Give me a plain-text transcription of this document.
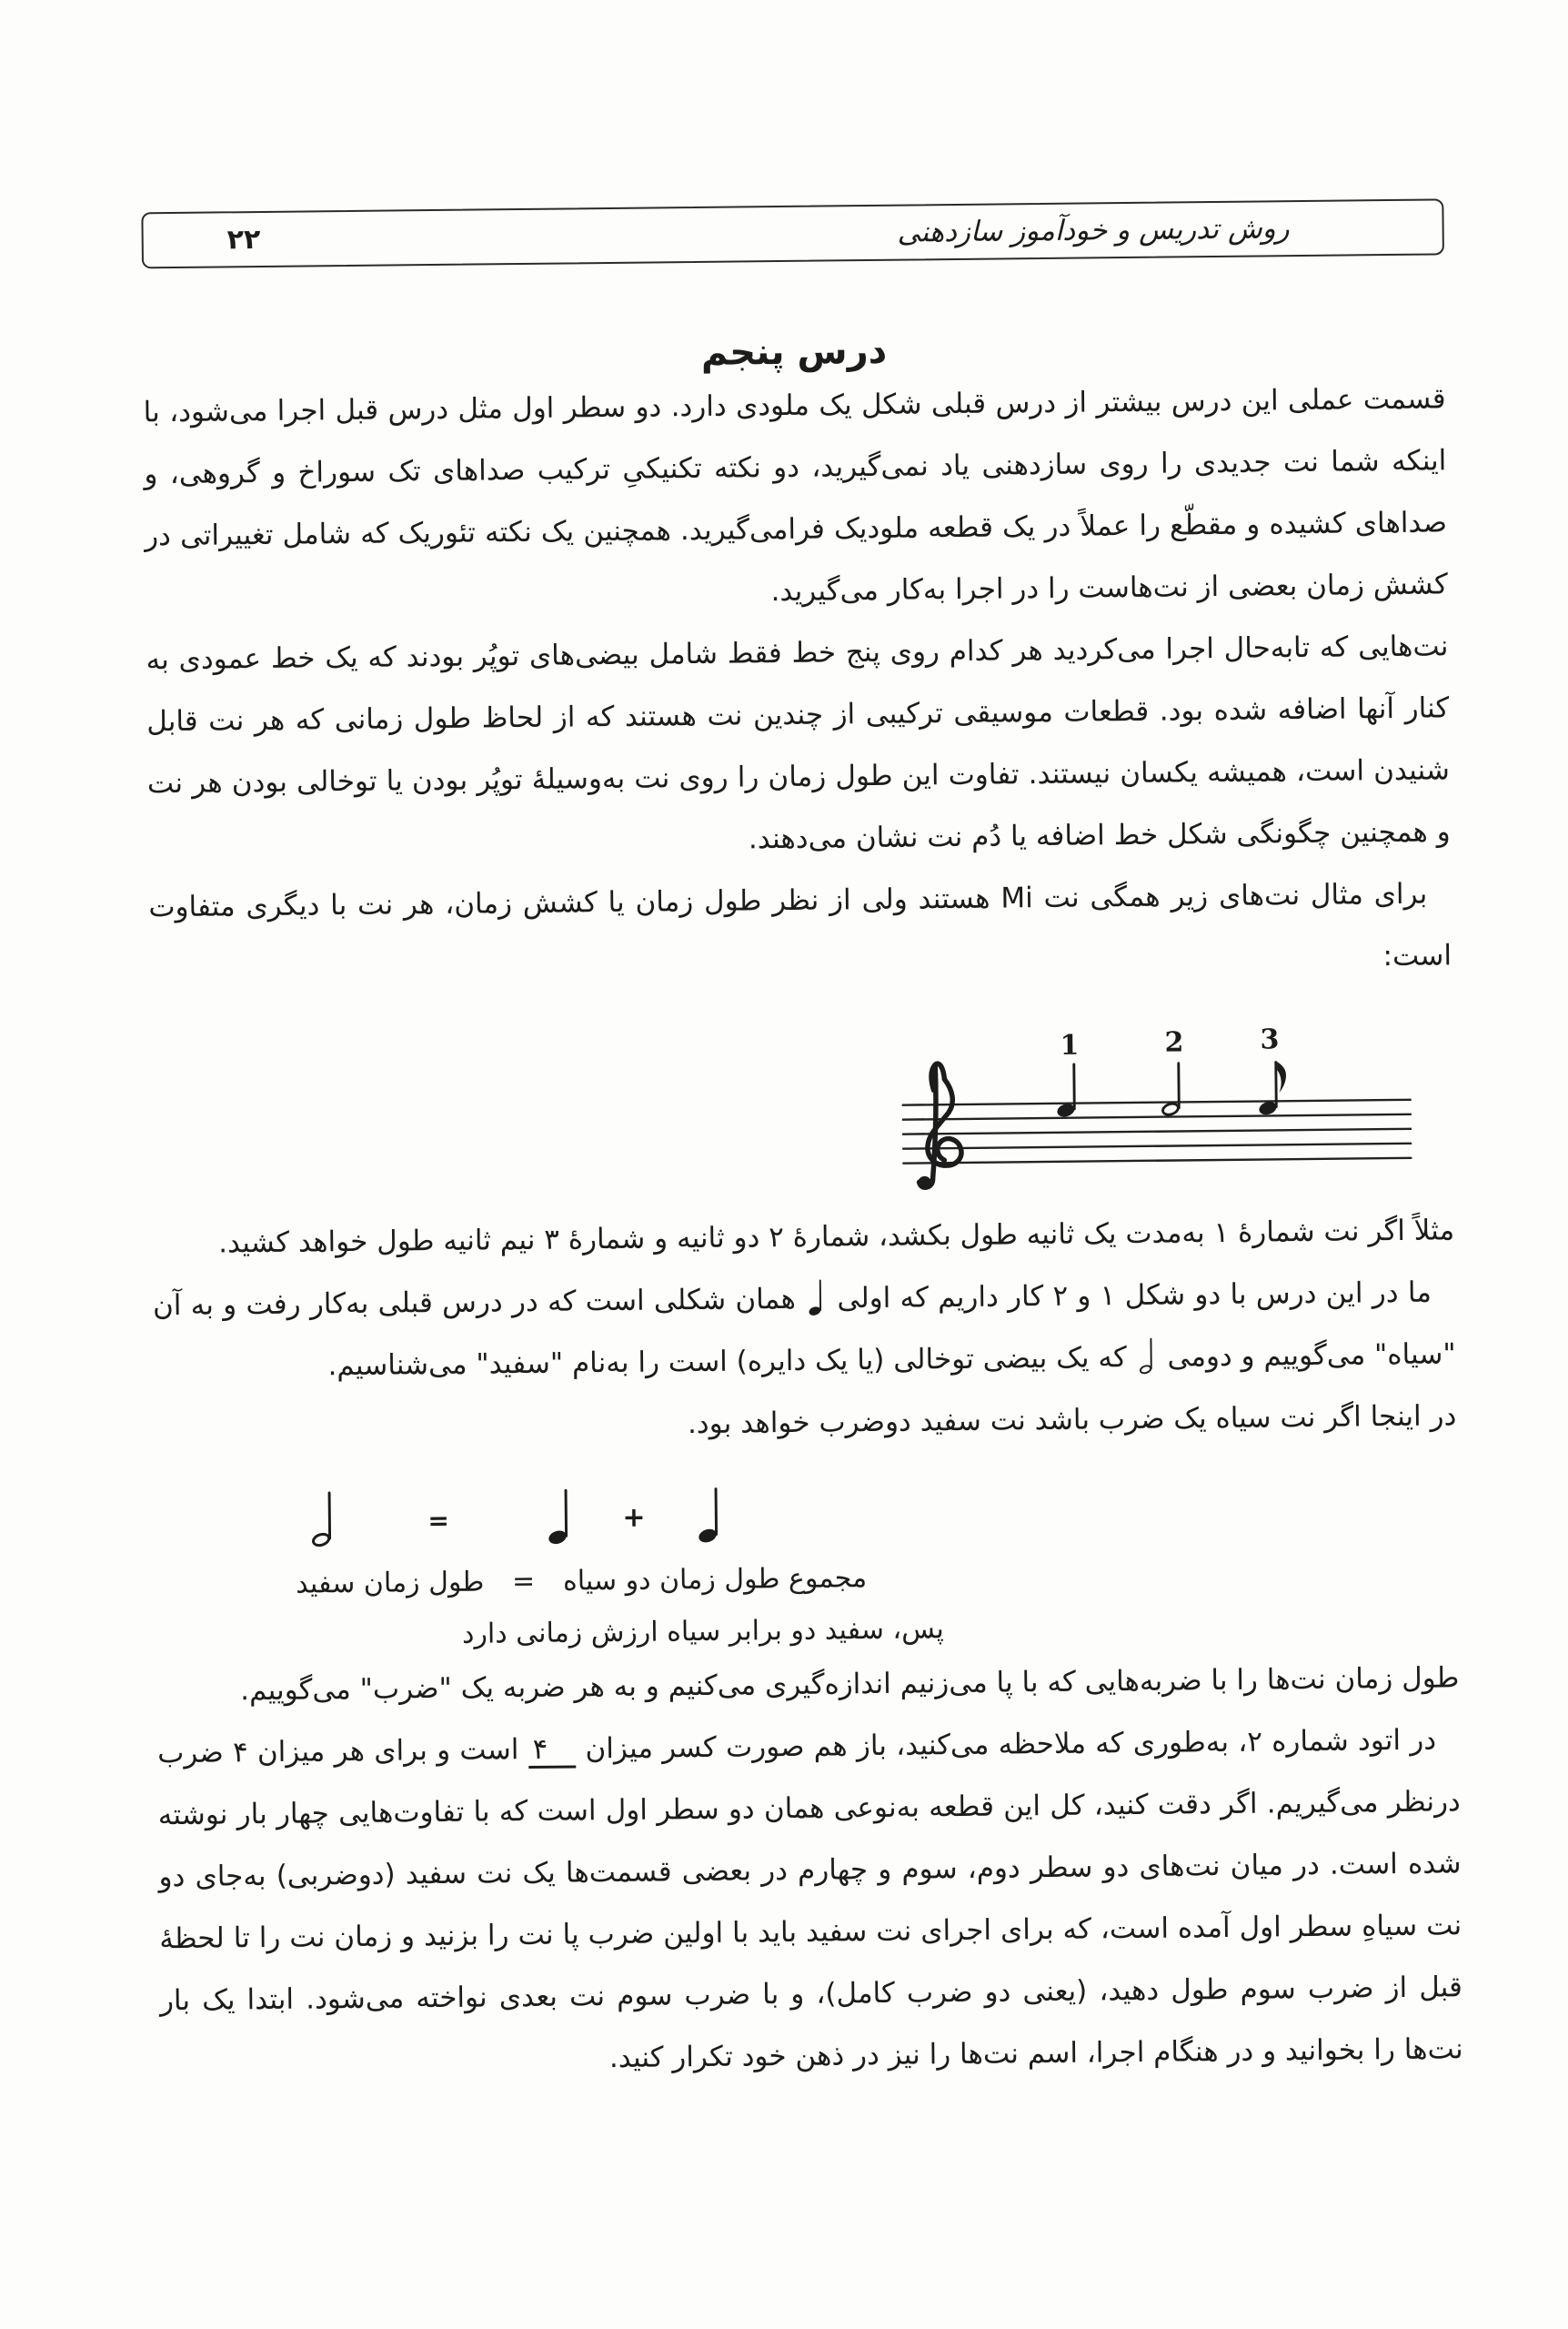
روش تدریس و خودآموز سازدهنی
۲۲
درس پنجم

قسمت عملی این درس بیشتر از درس قبلی شکل یک ملودی دارد. دو سطر اول مثل درس قبل اجرا می‌شود، با اینکه شما نت جدیدی را روی سازدهنی یاد نمی‌گیرید، دو نکته تکنیکیِ ترکیب صداهای تک سوراخ و گروهی، و صداهای کشیده و مقطّع را عملاً در یک قطعه ملودیک فرامی‌گیرید. همچنین یک نکته تئوریک که شامل تغییراتی در کشش زمان بعضی از نت‌هاست را در اجرا به‌کار می‌گیرید.

نت‌هایی که تابه‌حال اجرا می‌کردید هر کدام روی پنج خط فقط شامل بیضی‌های توپُر بودند که یک خط عمودی به کنار آنها اضافه شده بود. قطعات موسیقی ترکیبی از چندین نت هستند که از لحاظ طول زمانی که هر نت قابل شنیدن است، همیشه یکسان نیستند. تفاوت این طول زمان را روی نت به‌وسیلهٔ توپُر بودن یا توخالی بودن هر نت و همچنین چگونگی شکل خط اضافه یا دُم نت نشان می‌دهند.

برای مثال نت‌های زیر همگی نت Mi هستند ولی از نظر طول زمان یا کشش زمان، هر نت با دیگری متفاوت است:

1	2	3

مثلاً اگر نت شمارهٔ ۱ به‌مدت یک ثانیه طول بکشد، شمارهٔ ۲ دو ثانیه و شمارهٔ ۳ نیم ثانیه طول خواهد کشید.

ما در این درس با دو شکل ۱ و ۲ کار داریم که اولی  همان شکلی است که در درس قبلی به‌کار رفت و به آن "سیاه" می‌گوییم و دومی  که یک بیضی توخالی (یا یک دایره) است را به‌نام "سفید" می‌شناسیم.

در اینجا اگر نت سیاه یک ضرب باشد نت سفید دوضرب خواهد بود.

=	+
مجموع طول زمان دو سیاه
=
طول زمان سفید

پس، سفید دو برابر سیاه ارزش زمانی دارد

طول زمان نت‌ها را با ضربه‌هایی که با پا می‌زنیم اندازه‌گیری می‌کنیم و به هر ضربه یک "ضرب" می‌گوییم.

در اتود شماره ۲، به‌طوری که ملاحظه می‌کنید، باز هم صورت کسر میزان ۴ است و برای هر میزان ۴ ضرب درنظر می‌گیریم. اگر دقت کنید، کل این قطعه به‌نوعی همان دو سطر اول است که با تفاوت‌هایی چهار بار نوشته شده است. در میان نت‌های دو سطر دوم، سوم و چهارم در بعضی قسمت‌ها یک نت سفید (دوضربی) به‌جای دو نت سیاهِ سطر اول آمده است، که برای اجرای نت سفید باید با اولین ضرب پا نت را بزنید و زمان نت را تا لحظهٔ قبل از ضرب سوم طول دهید، (یعنی دو ضرب کامل)، و با ضرب سوم نت بعدی نواخته می‌شود. ابتدا یک بار نت‌ها را بخوانید و در هنگام اجرا، اسم نت‌ها را نیز در ذهن خود تکرار کنید.
